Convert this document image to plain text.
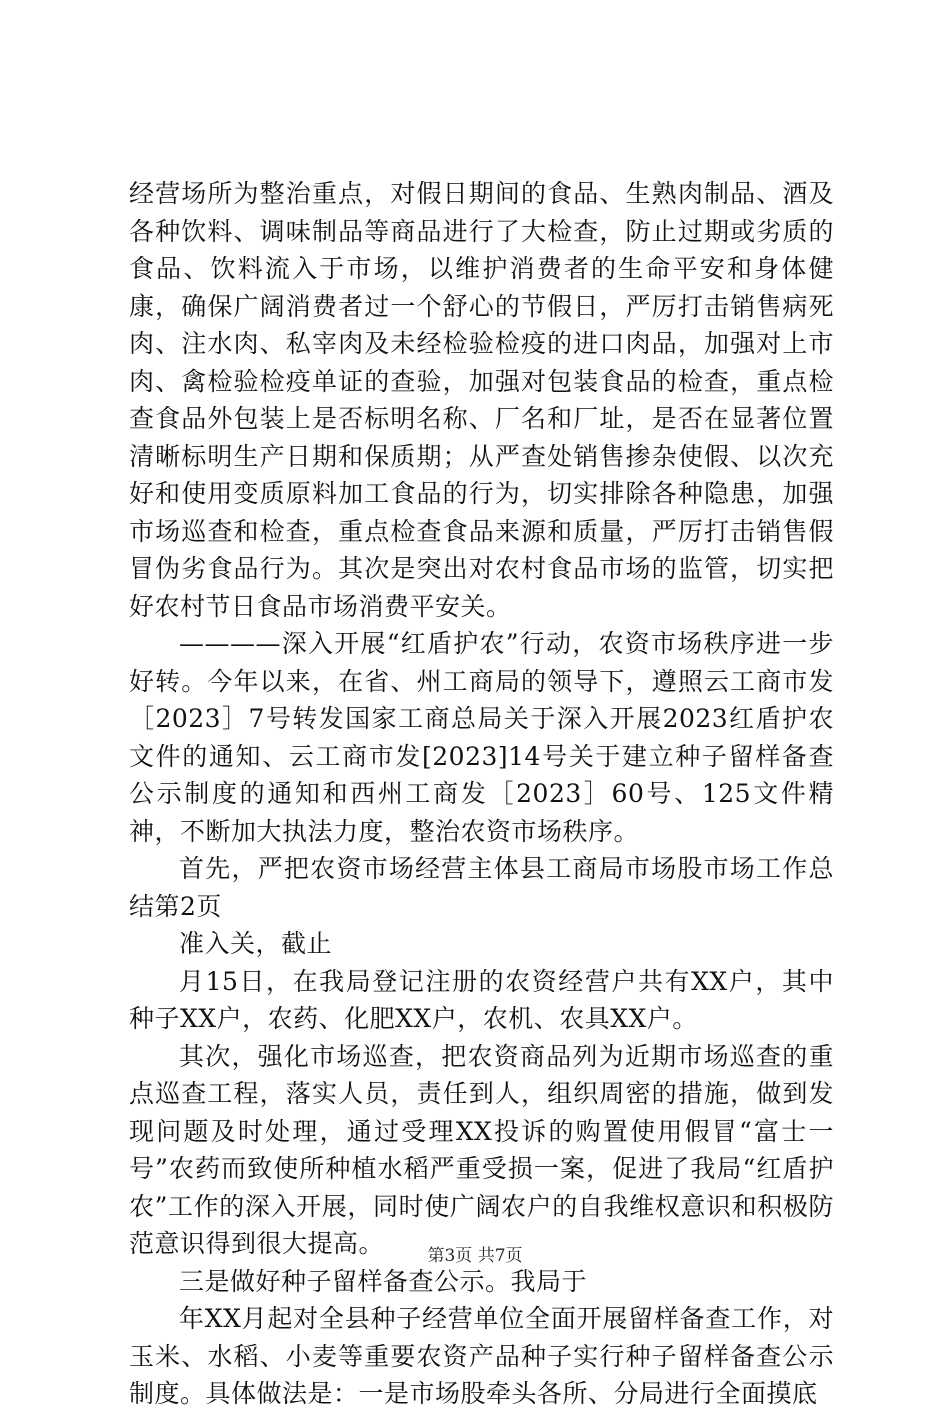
经营场所为整治重点，对假日期间的食品、生熟肉制品、酒及各种饮料、调味制品等商品进行了大检查，防止过期或劣质的食品、饮料流入于市场，以维护消费者的生命平安和身体健康，确保广阔消费者过一个舒心的节假日，严厉打击销售病死肉、注水肉、私宰肉及未经检验检疫的进口肉品，加强对上市肉、禽检验检疫单证的查验，加强对包装食品的检查，重点检查食品外包装上是否标明名称、厂名和厂址，是否在显著位置清晰标明生产日期和保质期；从严查处销售掺杂使假、以次充好和使用变质原料加工食品的行为，切实排除各种隐患，加强市场巡查和检查，重点检查食品来源和质量，严厉打击销售假冒伪劣食品行为。其次是突出对农村食品市场的监管，切实把好农村节日食品市场消费平安关。

————深入开展“红盾护农”行动，农资市场秩序进一步好转。今年以来，在省、州工商局的领导下，遵照云工商市发［2023］7号转发国家工商总局关于深入开展2023红盾护农文件的通知、云工商市发[2023]14号关于建立种子留样备查公示制度的通知和西州工商发［2023］60号、125文件精神，不断加大执法力度，整治农资市场秩序。

首先，严把农资市场经营主体县工商局市场股市场工作总结第2页

准入关，截止

月15日，在我局登记注册的农资经营户共有XX户，其中种子XX户，农药、化肥XX户，农机、农具XX户。

其次，强化市场巡查，把农资商品列为近期市场巡查的重点巡查工程，落实人员，责任到人，组织周密的措施，做到发现问题及时处理，通过受理XX投诉的购置使用假冒“富士一号”农药而致使所种植水稻严重受损一案，促进了我局“红盾护农”工作的深入开展，同时使广阔农户的自我维权意识和积极防范意识得到很大提高。

三是做好种子留样备查公示。我局于

年XX月起对全县种子经营单位全面开展留样备查工作，对玉米、水稻、小麦等重要农资产品种子实行种子留样备查公示制度。具体做法是：一是市场股牵头各所、分局进行全面摸底

第3页 共7页
